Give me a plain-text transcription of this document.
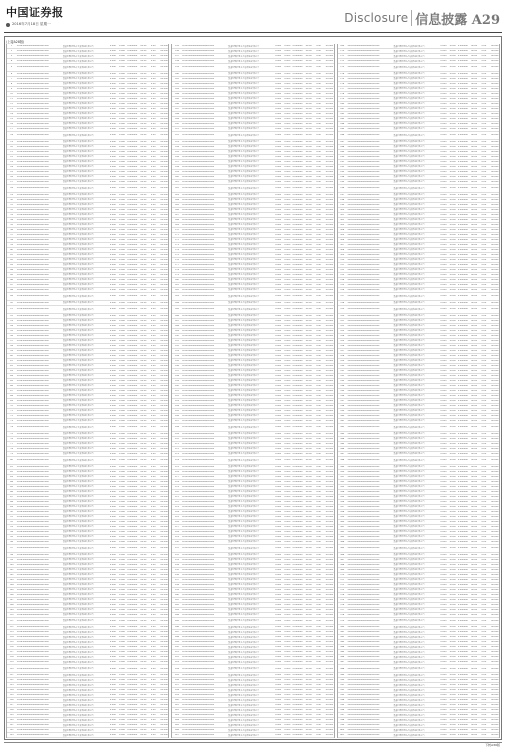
中国证券报
2016年7月18日 星期一	Disclosure 信息披露 A29
(上接A28版)
1	2016-0000000000000000-000	基金份额持有人大会表决结果公告	0.000	0.000	0.000000	00.00	0.00	00.000
2	2016-0000000000000000-000	基金份额持有人大会表决结果公告	0.000	0.000	0.000000	00.00	0.00	00.000
3	2016-0000000000000000-000	基金份额持有人大会表决结果公告	0.000	0.000	0.000000	00.00	0.00	00.000
4	2016-0000000000000000-000	基金份额持有人大会表决结果公告	0.000	0.000	0.000000	00.00	0.00	00.000
5	2016-0000000000000000-000	基金份额持有人大会表决结果公告	0.000	0.000	0.000000	00.00	0.00	00.000
6	2016-0000000000000000-000	基金份额持有人大会表决结果公告	0.000	0.000	0.000000	00.00	0.00	00.000
7	2016-0000000000000000-000	基金份额持有人大会表决结果公告	0.000	0.000	0.000000	00.00	0.00	00.000
8	2016-0000000000000000-000	基金份额持有人大会表决结果公告	0.000	0.000	0.000000	00.00	0.00	00.000
9	2016-0000000000000000-000	基金份额持有人大会表决结果公告	0.000	0.000	0.000000	00.00	0.00	00.000
10	2016-0000000000000000-000	基金份额持有人大会表决结果公告	0.000	0.000	0.000000	00.00	0.00	00.000
11	2016-0000000000000000-000	基金份额持有人大会表决结果公告	0.000	0.000	0.000000	00.00	0.00	00.000
12	2016-0000000000000000-000	基金份额持有人大会表决结果公告	0.000	0.000	0.000000	00.00	0.00	00.000
13	2016-0000000000000000-000	基金份额持有人大会表决结果公告	0.000	0.000	0.000000	00.00	0.00	00.000
14	2016-0000000000000000-000	基金份额持有人大会表决结果公告	0.000	0.000	0.000000	00.00	0.00	00.000
15	2016-0000000000000000-000	基金份额持有人大会表决结果公告	0.000	0.000	0.000000	00.00	0.00	00.000
16	2016-0000000000000000-000	基金份额持有人大会表决结果公告	0.000	0.000	0.000000	00.00	0.00	00.000
17	2016-0000000000000000-000	基金份额持有人大会表决结果公告	0.000	0.000	0.000000	00.00	0.00	00.000
18	2016-0000000000000000-000	基金份额持有人大会表决结果公告	0.000	0.000	0.000000	00.00	0.00	00.000
19	2016-0000000000000000-000	基金份额持有人大会表决结果公告	0.000	0.000	0.000000	00.00	0.00	00.000
20	2016-0000000000000000-000	基金份额持有人大会表决结果公告	0.000	0.000	0.000000	00.00	0.00	00.000
21	2016-0000000000000000-000	基金份额持有人大会表决结果公告	0.000	0.000	0.000000	00.00	0.00	00.000
22	2016-0000000000000000-000	基金份额持有人大会表决结果公告	0.000	0.000	0.000000	00.00	0.00	00.000
23	2016-0000000000000000-000	基金份额持有人大会表决结果公告	0.000	0.000	0.000000	00.00	0.00	00.000
24	2016-0000000000000000-000	基金份额持有人大会表决结果公告	0.000	0.000	0.000000	00.00	0.00	00.000
25	2016-0000000000000000-000	基金份额持有人大会表决结果公告	0.000	0.000	0.000000	00.00	0.00	00.000
26	2016-0000000000000000-000	基金份额持有人大会表决结果公告	0.000	0.000	0.000000	00.00	0.00	00.000
27	2016-0000000000000000-000	基金份额持有人大会表决结果公告	0.000	0.000	0.000000	00.00	0.00	00.000
28	2016-0000000000000000-000	基金份额持有人大会表决结果公告	0.000	0.000	0.000000	00.00	0.00	00.000
29	2016-0000000000000000-000	基金份额持有人大会表决结果公告	0.000	0.000	0.000000	00.00	0.00	00.000
30	2016-0000000000000000-000	基金份额持有人大会表决结果公告	0.000	0.000	0.000000	00.00	0.00	00.000
31	2016-0000000000000000-000	基金份额持有人大会表决结果公告	0.000	0.000	0.000000	00.00	0.00	00.000
32	2016-0000000000000000-000	基金份额持有人大会表决结果公告	0.000	0.000	0.000000	00.00	0.00	00.000
33	2016-0000000000000000-000	基金份额持有人大会表决结果公告	0.000	0.000	0.000000	00.00	0.00	00.000
34	2016-0000000000000000-000	基金份额持有人大会表决结果公告	0.000	0.000	0.000000	00.00	0.00	00.000
35	2016-0000000000000000-000	基金份额持有人大会表决结果公告	0.000	0.000	0.000000	00.00	0.00	00.000
36	2016-0000000000000000-000	基金份额持有人大会表决结果公告	0.000	0.000	0.000000	00.00	0.00	00.000
37	2016-0000000000000000-000	基金份额持有人大会表决结果公告	0.000	0.000	0.000000	00.00	0.00	00.000
38	2016-0000000000000000-000	基金份额持有人大会表决结果公告	0.000	0.000	0.000000	00.00	0.00	00.000
39	2016-0000000000000000-000	基金份额持有人大会表决结果公告	0.000	0.000	0.000000	00.00	0.00	00.000
40	2016-0000000000000000-000	基金份额持有人大会表决结果公告	0.000	0.000	0.000000	00.00	0.00	00.000
41	2016-0000000000000000-000	基金份额持有人大会表决结果公告	0.000	0.000	0.000000	00.00	0.00	00.000
42	2016-0000000000000000-000	基金份额持有人大会表决结果公告	0.000	0.000	0.000000	00.00	0.00	00.000
43	2016-0000000000000000-000	基金份额持有人大会表决结果公告	0.000	0.000	0.000000	00.00	0.00	00.000
44	2016-0000000000000000-000	基金份额持有人大会表决结果公告	0.000	0.000	0.000000	00.00	0.00	00.000
45	2016-0000000000000000-000	基金份额持有人大会表决结果公告	0.000	0.000	0.000000	00.00	0.00	00.000
46	2016-0000000000000000-000	基金份额持有人大会表决结果公告	0.000	0.000	0.000000	00.00	0.00	00.000
47	2016-0000000000000000-000	基金份额持有人大会表决结果公告	0.000	0.000	0.000000	00.00	0.00	00.000
48	2016-0000000000000000-000	基金份额持有人大会表决结果公告	0.000	0.000	0.000000	00.00	0.00	00.000
49	2016-0000000000000000-000	基金份额持有人大会表决结果公告	0.000	0.000	0.000000	00.00	0.00	00.000
50	2016-0000000000000000-000	基金份额持有人大会表决结果公告	0.000	0.000	0.000000	00.00	0.00	00.000
51	2016-0000000000000000-000	基金份额持有人大会表决结果公告	0.000	0.000	0.000000	00.00	0.00	00.000
52	2016-0000000000000000-000	基金份额持有人大会表决结果公告	0.000	0.000	0.000000	00.00	0.00	00.000
53	2016-0000000000000000-000	基金份额持有人大会表决结果公告	0.000	0.000	0.000000	00.00	0.00	00.000
54	2016-0000000000000000-000	基金份额持有人大会表决结果公告	0.000	0.000	0.000000	00.00	0.00	00.000
55	2016-0000000000000000-000	基金份额持有人大会表决结果公告	0.000	0.000	0.000000	00.00	0.00	00.000
56	2016-0000000000000000-000	基金份额持有人大会表决结果公告	0.000	0.000	0.000000	00.00	0.00	00.000
57	2016-0000000000000000-000	基金份额持有人大会表决结果公告	0.000	0.000	0.000000	00.00	0.00	00.000
58	2016-0000000000000000-000	基金份额持有人大会表决结果公告	0.000	0.000	0.000000	00.00	0.00	00.000
59	2016-0000000000000000-000	基金份额持有人大会表决结果公告	0.000	0.000	0.000000	00.00	0.00	00.000
60	2016-0000000000000000-000	基金份额持有人大会表决结果公告	0.000	0.000	0.000000	00.00	0.00	00.000
61	2016-0000000000000000-000	基金份额持有人大会表决结果公告	0.000	0.000	0.000000	00.00	0.00	00.000
62	2016-0000000000000000-000	基金份额持有人大会表决结果公告	0.000	0.000	0.000000	00.00	0.00	00.000
63	2016-0000000000000000-000	基金份额持有人大会表决结果公告	0.000	0.000	0.000000	00.00	0.00	00.000
64	2016-0000000000000000-000	基金份额持有人大会表决结果公告	0.000	0.000	0.000000	00.00	0.00	00.000
65	2016-0000000000000000-000	基金份额持有人大会表决结果公告	0.000	0.000	0.000000	00.00	0.00	00.000
66	2016-0000000000000000-000	基金份额持有人大会表决结果公告	0.000	0.000	0.000000	00.00	0.00	00.000
67	2016-0000000000000000-000	基金份额持有人大会表决结果公告	0.000	0.000	0.000000	00.00	0.00	00.000
68	2016-0000000000000000-000	基金份额持有人大会表决结果公告	0.000	0.000	0.000000	00.00	0.00	00.000
69	2016-0000000000000000-000	基金份额持有人大会表决结果公告	0.000	0.000	0.000000	00.00	0.00	00.000
70	2016-0000000000000000-000	基金份额持有人大会表决结果公告	0.000	0.000	0.000000	00.00	0.00	00.000
71	2016-0000000000000000-000	基金份额持有人大会表决结果公告	0.000	0.000	0.000000	00.00	0.00	00.000
72	2016-0000000000000000-000	基金份额持有人大会表决结果公告	0.000	0.000	0.000000	00.00	0.00	00.000
73	2016-0000000000000000-000	基金份额持有人大会表决结果公告	0.000	0.000	0.000000	00.00	0.00	00.000
74	2016-0000000000000000-000	基金份额持有人大会表决结果公告	0.000	0.000	0.000000	00.00	0.00	00.000
75	2016-0000000000000000-000	基金份额持有人大会表决结果公告	0.000	0.000	0.000000	00.00	0.00	00.000
76	2016-0000000000000000-000	基金份额持有人大会表决结果公告	0.000	0.000	0.000000	00.00	0.00	00.000
77	2016-0000000000000000-000	基金份额持有人大会表决结果公告	0.000	0.000	0.000000	00.00	0.00	00.000
78	2016-0000000000000000-000	基金份额持有人大会表决结果公告	0.000	0.000	0.000000	00.00	0.00	00.000
79	2016-0000000000000000-000	基金份额持有人大会表决结果公告	0.000	0.000	0.000000	00.00	0.00	00.000
80	2016-0000000000000000-000	基金份额持有人大会表决结果公告	0.000	0.000	0.000000	00.00	0.00	00.000
81	2016-0000000000000000-000	基金份额持有人大会表决结果公告	0.000	0.000	0.000000	00.00	0.00	00.000
82	2016-0000000000000000-000	基金份额持有人大会表决结果公告	0.000	0.000	0.000000	00.00	0.00	00.000
83	2016-0000000000000000-000	基金份额持有人大会表决结果公告	0.000	0.000	0.000000	00.00	0.00	00.000
84	2016-0000000000000000-000	基金份额持有人大会表决结果公告	0.000	0.000	0.000000	00.00	0.00	00.000
85	2016-0000000000000000-000	基金份额持有人大会表决结果公告	0.000	0.000	0.000000	00.00	0.00	00.000
86	2016-0000000000000000-000	基金份额持有人大会表决结果公告	0.000	0.000	0.000000	00.00	0.00	00.000
87	2016-0000000000000000-000	基金份额持有人大会表决结果公告	0.000	0.000	0.000000	00.00	0.00	00.000
88	2016-0000000000000000-000	基金份额持有人大会表决结果公告	0.000	0.000	0.000000	00.00	0.00	00.000
89	2016-0000000000000000-000	基金份额持有人大会表决结果公告	0.000	0.000	0.000000	00.00	0.00	00.000
90	2016-0000000000000000-000	基金份额持有人大会表决结果公告	0.000	0.000	0.000000	00.00	0.00	00.000
91	2016-0000000000000000-000	基金份额持有人大会表决结果公告	0.000	0.000	0.000000	00.00	0.00	00.000
92	2016-0000000000000000-000	基金份额持有人大会表决结果公告	0.000	0.000	0.000000	00.00	0.00	00.000
93	2016-0000000000000000-000	基金份额持有人大会表决结果公告	0.000	0.000	0.000000	00.00	0.00	00.000
94	2016-0000000000000000-000	基金份额持有人大会表决结果公告	0.000	0.000	0.000000	00.00	0.00	00.000
95	2016-0000000000000000-000	基金份额持有人大会表决结果公告	0.000	0.000	0.000000	00.00	0.00	00.000
96	2016-0000000000000000-000	基金份额持有人大会表决结果公告	0.000	0.000	0.000000	00.00	0.00	00.000
97	2016-0000000000000000-000	基金份额持有人大会表决结果公告	0.000	0.000	0.000000	00.00	0.00	00.000
98	2016-0000000000000000-000	基金份额持有人大会表决结果公告	0.000	0.000	0.000000	00.00	0.00	00.000
99	2016-0000000000000000-000	基金份额持有人大会表决结果公告	0.000	0.000	0.000000	00.00	0.00	00.000
100	2016-0000000000000000-000	基金份额持有人大会表决结果公告	0.000	0.000	0.000000	00.00	0.00	00.000
101	2016-0000000000000000-000	基金份额持有人大会表决结果公告	0.000	0.000	0.000000	00.00	0.00	00.000
102	2016-0000000000000000-000	基金份额持有人大会表决结果公告	0.000	0.000	0.000000	00.00	0.00	00.000
103	2016-0000000000000000-000	基金份额持有人大会表决结果公告	0.000	0.000	0.000000	00.00	0.00	00.000
104	2016-0000000000000000-000	基金份额持有人大会表决结果公告	0.000	0.000	0.000000	00.00	0.00	00.000
105	2016-0000000000000000-000	基金份额持有人大会表决结果公告	0.000	0.000	0.000000	00.00	0.00	00.000
106	2016-0000000000000000-000	基金份额持有人大会表决结果公告	0.000	0.000	0.000000	00.00	0.00	00.000
107	2016-0000000000000000-000	基金份额持有人大会表决结果公告	0.000	0.000	0.000000	00.00	0.00	00.000
108	2016-0000000000000000-000	基金份额持有人大会表决结果公告	0.000	0.000	0.000000	00.00	0.00	00.000
109	2016-0000000000000000-000	基金份额持有人大会表决结果公告	0.000	0.000	0.000000	00.00	0.00	00.000
110	2016-0000000000000000-000	基金份额持有人大会表决结果公告	0.000	0.000	0.000000	00.00	0.00	00.000
111	2016-0000000000000000-000	基金份额持有人大会表决结果公告	0.000	0.000	0.000000	00.00	0.00	00.000
112	2016-0000000000000000-000	基金份额持有人大会表决结果公告	0.000	0.000	0.000000	00.00	0.00	00.000
113	2016-0000000000000000-000	基金份额持有人大会表决结果公告	0.000	0.000	0.000000	00.00	0.00	00.000
114	2016-0000000000000000-000	基金份额持有人大会表决结果公告	0.000	0.000	0.000000	00.00	0.00	00.000
115	2016-0000000000000000-000	基金份额持有人大会表决结果公告	0.000	0.000	0.000000	00.00	0.00	00.000
116	2016-0000000000000000-000	基金份额持有人大会表决结果公告	0.000	0.000	0.000000	00.00	0.00	00.000
117	2016-0000000000000000-000	基金份额持有人大会表决结果公告	0.000	0.000	0.000000	00.00	0.00	00.000
118	2016-0000000000000000-000	基金份额持有人大会表决结果公告	0.000	0.000	0.000000	00.00	0.00	00.000
119	2016-0000000000000000-000	基金份额持有人大会表决结果公告	0.000	0.000	0.000000	00.00	0.00	00.000
120	2016-0000000000000000-000	基金份额持有人大会表决结果公告	0.000	0.000	0.000000	00.00	0.00	00.000
121	2016-0000000000000000-000	基金份额持有人大会表决结果公告	0.000	0.000	0.000000	00.00	0.00	00.000
122	2016-0000000000000000-000	基金份额持有人大会表决结果公告	0.000	0.000	0.000000	00.00	0.00	00.000
123	2016-0000000000000000-000	基金份额持有人大会表决结果公告	0.000	0.000	0.000000	00.00	0.00	00.000
124	2016-0000000000000000-000	基金份额持有人大会表决结果公告	0.000	0.000	0.000000	00.00	0.00	00.000
125	2016-0000000000000000-000	基金份额持有人大会表决结果公告	0.000	0.000	0.000000	00.00	0.00	00.000
126	2016-0000000000000000-000	基金份额持有人大会表决结果公告	0.000	0.000	0.000000	00.00	0.00	00.000
127	2016-0000000000000000-000	基金份额持有人大会表决结果公告	0.000	0.000	0.000000	00.00	0.00	00.000
128	2016-0000000000000000-000	基金份额持有人大会表决结果公告	0.000	0.000	0.000000	00.00	0.00	00.000
129	2016-0000000000000000-000	基金份额持有人大会表决结果公告	0.000	0.000	0.000000	00.00	0.00	00.000
130	2016-0000000000000000-000	基金份额持有人大会表决结果公告	0.000	0.000	0.000000	00.00	0.00	00.000
131	2016-0000000000000000-000	基金份额持有人大会表决结果公告	0.000	0.000	0.000000	00.00	0.00	00.000
132	2016-0000000000000000-000	基金份额持有人大会表决结果公告	0.000	0.000	0.000000	00.00	0.00	00.000
133	2016-0000000000000000-000	基金份额持有人大会表决结果公告	0.000	0.000	0.000000	00.00	0.00	00.000
135	2016-0000000000000000-000	基金份额持有人大会表决结果公告	0.000	0.000	0.000000	00.00	0.00	00.000
136	2016-0000000000000000-000	基金份额持有人大会表决结果公告	0.000	0.000	0.000000	00.00	0.00	00.000
137	2016-0000000000000000-000	基金份额持有人大会表决结果公告	0.000	0.000	0.000000	00.00	0.00	00.000
138	2016-0000000000000000-000	基金份额持有人大会表决结果公告	0.000	0.000	0.000000	00.00	0.00	00.000
139	2016-0000000000000000-000	基金份额持有人大会表决结果公告	0.000	0.000	0.000000	00.00	0.00	00.000
140	2016-0000000000000000-000	基金份额持有人大会表决结果公告	0.000	0.000	0.000000	00.00	0.00	00.000
141	2016-0000000000000000-000	基金份额持有人大会表决结果公告	0.000	0.000	0.000000	00.00	0.00	00.000
142	2016-0000000000000000-000	基金份额持有人大会表决结果公告	0.000	0.000	0.000000	00.00	0.00	00.000
143	2016-0000000000000000-000	基金份额持有人大会表决结果公告	0.000	0.000	0.000000	00.00	0.00	00.000
144	2016-0000000000000000-000	基金份额持有人大会表决结果公告	0.000	0.000	0.000000	00.00	0.00	00.000
145	2016-0000000000000000-000	基金份额持有人大会表决结果公告	0.000	0.000	0.000000	00.00	0.00	00.000
146	2016-0000000000000000-000	基金份额持有人大会表决结果公告	0.000	0.000	0.000000	00.00	0.00	00.000
147	2016-0000000000000000-000	基金份额持有人大会表决结果公告	0.000	0.000	0.000000	00.00	0.00	00.000
148	2016-0000000000000000-000	基金份额持有人大会表决结果公告	0.000	0.000	0.000000	00.00	0.00	00.000
149	2016-0000000000000000-000	基金份额持有人大会表决结果公告	0.000	0.000	0.000000	00.00	0.00	00.000
150	2016-0000000000000000-000	基金份额持有人大会表决结果公告	0.000	0.000	0.000000	00.00	0.00	00.000
151	2016-0000000000000000-000	基金份额持有人大会表决结果公告	0.000	0.000	0.000000	00.00	0.00	00.000
152	2016-0000000000000000-000	基金份额持有人大会表决结果公告	0.000	0.000	0.000000	00.00	0.00	00.000
153	2016-0000000000000000-000	基金份额持有人大会表决结果公告	0.000	0.000	0.000000	00.00	0.00	00.000
154	2016-0000000000000000-000	基金份额持有人大会表决结果公告	0.000	0.000	0.000000	00.00	0.00	00.000
155	2016-0000000000000000-000	基金份额持有人大会表决结果公告	0.000	0.000	0.000000	00.00	0.00	00.000
156	2016-0000000000000000-000	基金份额持有人大会表决结果公告	0.000	0.000	0.000000	00.00	0.00	00.000
157	2016-0000000000000000-000	基金份额持有人大会表决结果公告	0.000	0.000	0.000000	00.00	0.00	00.000
158	2016-0000000000000000-000	基金份额持有人大会表决结果公告	0.000	0.000	0.000000	00.00	0.00	00.000
159	2016-0000000000000000-000	基金份额持有人大会表决结果公告	0.000	0.000	0.000000	00.00	0.00	00.000
160	2016-0000000000000000-000	基金份额持有人大会表决结果公告	0.000	0.000	0.000000	00.00	0.00	00.000
161	2016-0000000000000000-000	基金份额持有人大会表决结果公告	0.000	0.000	0.000000	00.00	0.00	00.000
162	2016-0000000000000000-000	基金份额持有人大会表决结果公告	0.000	0.000	0.000000	00.00	0.00	00.000
163	2016-0000000000000000-000	基金份额持有人大会表决结果公告	0.000	0.000	0.000000	00.00	0.00	00.000
164	2016-0000000000000000-000	基金份额持有人大会表决结果公告	0.000	0.000	0.000000	00.00	0.00	00.000
165	2016-0000000000000000-000	基金份额持有人大会表决结果公告	0.000	0.000	0.000000	00.00	0.00	00.000
166	2016-0000000000000000-000	基金份额持有人大会表决结果公告	0.000	0.000	0.000000	00.00	0.00	00.000
167	2016-0000000000000000-000	基金份额持有人大会表决结果公告	0.000	0.000	0.000000	00.00	0.00	00.000
168	2016-0000000000000000-000	基金份额持有人大会表决结果公告	0.000	0.000	0.000000	00.00	0.00	00.000
169	2016-0000000000000000-000	基金份额持有人大会表决结果公告	0.000	0.000	0.000000	00.00	0.00	00.000
170	2016-0000000000000000-000	基金份额持有人大会表决结果公告	0.000	0.000	0.000000	00.00	0.00	00.000
171	2016-0000000000000000-000	基金份额持有人大会表决结果公告	0.000	0.000	0.000000	00.00	0.00	00.000
172	2016-0000000000000000-000	基金份额持有人大会表决结果公告	0.000	0.000	0.000000	00.00	0.00	00.000
173	2016-0000000000000000-000	基金份额持有人大会表决结果公告	0.000	0.000	0.000000	00.00	0.00	00.000
174	2016-0000000000000000-000	基金份额持有人大会表决结果公告	0.000	0.000	0.000000	00.00	0.00	00.000
175	2016-0000000000000000-000	基金份额持有人大会表决结果公告	0.000	0.000	0.000000	00.00	0.00	00.000
176	2016-0000000000000000-000	基金份额持有人大会表决结果公告	0.000	0.000	0.000000	00.00	0.00	00.000
177	2016-0000000000000000-000	基金份额持有人大会表决结果公告	0.000	0.000	0.000000	00.00	0.00	00.000
178	2016-0000000000000000-000	基金份额持有人大会表决结果公告	0.000	0.000	0.000000	00.00	0.00	00.000
179	2016-0000000000000000-000	基金份额持有人大会表决结果公告	0.000	0.000	0.000000	00.00	0.00	00.000
180	2016-0000000000000000-000	基金份额持有人大会表决结果公告	0.000	0.000	0.000000	00.00	0.00	00.000
181	2016-0000000000000000-000	基金份额持有人大会表决结果公告	0.000	0.000	0.000000	00.00	0.00	00.000
182	2016-0000000000000000-000	基金份额持有人大会表决结果公告	0.000	0.000	0.000000	00.00	0.00	00.000
183	2016-0000000000000000-000	基金份额持有人大会表决结果公告	0.000	0.000	0.000000	00.00	0.00	00.000
184	2016-0000000000000000-000	基金份额持有人大会表决结果公告	0.000	0.000	0.000000	00.00	0.00	00.000
185	2016-0000000000000000-000	基金份额持有人大会表决结果公告	0.000	0.000	0.000000	00.00	0.00	00.000
186	2016-0000000000000000-000	基金份额持有人大会表决结果公告	0.000	0.000	0.000000	00.00	0.00	00.000
187	2016-0000000000000000-000	基金份额持有人大会表决结果公告	0.000	0.000	0.000000	00.00	0.00	00.000
188	2016-0000000000000000-000	基金份额持有人大会表决结果公告	0.000	0.000	0.000000	00.00	0.00	00.000
189	2016-0000000000000000-000	基金份额持有人大会表决结果公告	0.000	0.000	0.000000	00.00	0.00	00.000
190	2016-0000000000000000-000	基金份额持有人大会表决结果公告	0.000	0.000	0.000000	00.00	0.00	00.000
191	2016-0000000000000000-000	基金份额持有人大会表决结果公告	0.000	0.000	0.000000	00.00	0.00	00.000
192	2016-0000000000000000-000	基金份额持有人大会表决结果公告	0.000	0.000	0.000000	00.00	0.00	00.000
193	2016-0000000000000000-000	基金份额持有人大会表决结果公告	0.000	0.000	0.000000	00.00	0.00	00.000
194	2016-0000000000000000-000	基金份额持有人大会表决结果公告	0.000	0.000	0.000000	00.00	0.00	00.000
195	2016-0000000000000000-000	基金份额持有人大会表决结果公告	0.000	0.000	0.000000	00.00	0.00	00.000
196	2016-0000000000000000-000	基金份额持有人大会表决结果公告	0.000	0.000	0.000000	00.00	0.00	00.000
197	2016-0000000000000000-000	基金份额持有人大会表决结果公告	0.000	0.000	0.000000	00.00	0.00	00.000
198	2016-0000000000000000-000	基金份额持有人大会表决结果公告	0.000	0.000	0.000000	00.00	0.00	00.000
199	2016-0000000000000000-000	基金份额持有人大会表决结果公告	0.000	0.000	0.000000	00.00	0.00	00.000
200	2016-0000000000000000-000	基金份额持有人大会表决结果公告	0.000	0.000	0.000000	00.00	0.00	00.000
201	2016-0000000000000000-000	基金份额持有人大会表决结果公告	0.000	0.000	0.000000	00.00	0.00	00.000
202	2016-0000000000000000-000	基金份额持有人大会表决结果公告	0.000	0.000	0.000000	00.00	0.00	00.000
203	2016-0000000000000000-000	基金份额持有人大会表决结果公告	0.000	0.000	0.000000	00.00	0.00	00.000
204	2016-0000000000000000-000	基金份额持有人大会表决结果公告	0.000	0.000	0.000000	00.00	0.00	00.000
205	2016-0000000000000000-000	基金份额持有人大会表决结果公告	0.000	0.000	0.000000	00.00	0.00	00.000
206	2016-0000000000000000-000	基金份额持有人大会表决结果公告	0.000	0.000	0.000000	00.00	0.00	00.000
207	2016-0000000000000000-000	基金份额持有人大会表决结果公告	0.000	0.000	0.000000	00.00	0.00	00.000
208	2016-0000000000000000-000	基金份额持有人大会表决结果公告	0.000	0.000	0.000000	00.00	0.00	00.000
209	2016-0000000000000000-000	基金份额持有人大会表决结果公告	0.000	0.000	0.000000	00.00	0.00	00.000
210	2016-0000000000000000-000	基金份额持有人大会表决结果公告	0.000	0.000	0.000000	00.00	0.00	00.000
211	2016-0000000000000000-000	基金份额持有人大会表决结果公告	0.000	0.000	0.000000	00.00	0.00	00.000
212	2016-0000000000000000-000	基金份额持有人大会表决结果公告	0.000	0.000	0.000000	00.00	0.00	00.000
213	2016-0000000000000000-000	基金份额持有人大会表决结果公告	0.000	0.000	0.000000	00.00	0.00	00.000
214	2016-0000000000000000-000	基金份额持有人大会表决结果公告	0.000	0.000	0.000000	00.00	0.00	00.000
215	2016-0000000000000000-000	基金份额持有人大会表决结果公告	0.000	0.000	0.000000	00.00	0.00	00.000
216	2016-0000000000000000-000	基金份额持有人大会表决结果公告	0.000	0.000	0.000000	00.00	0.00	00.000
217	2016-0000000000000000-000	基金份额持有人大会表决结果公告	0.000	0.000	0.000000	00.00	0.00	00.000
218	2016-0000000000000000-000	基金份额持有人大会表决结果公告	0.000	0.000	0.000000	00.00	0.00	00.000
219	2016-0000000000000000-000	基金份额持有人大会表决结果公告	0.000	0.000	0.000000	00.00	0.00	00.000
220	2016-0000000000000000-000	基金份额持有人大会表决结果公告	0.000	0.000	0.000000	00.00	0.00	00.000
221	2016-0000000000000000-000	基金份额持有人大会表决结果公告	0.000	0.000	0.000000	00.00	0.00	00.000
222	2016-0000000000000000-000	基金份额持有人大会表决结果公告	0.000	0.000	0.000000	00.00	0.00	00.000
223	2016-0000000000000000-000	基金份额持有人大会表决结果公告	0.000	0.000	0.000000	00.00	0.00	00.000
224	2016-0000000000000000-000	基金份额持有人大会表决结果公告	0.000	0.000	0.000000	00.00	0.00	00.000
225	2016-0000000000000000-000	基金份额持有人大会表决结果公告	0.000	0.000	0.000000	00.00	0.00	00.000
226	2016-0000000000000000-000	基金份额持有人大会表决结果公告	0.000	0.000	0.000000	00.00	0.00	00.000
227	2016-0000000000000000-000	基金份额持有人大会表决结果公告	0.000	0.000	0.000000	00.00	0.00	00.000
228	2016-0000000000000000-000	基金份额持有人大会表决结果公告	0.000	0.000	0.000000	00.00	0.00	00.000
229	2016-0000000000000000-000	基金份额持有人大会表决结果公告	0.000	0.000	0.000000	00.00	0.00	00.000
230	2016-0000000000000000-000	基金份额持有人大会表决结果公告	0.000	0.000	0.000000	00.00	0.00	00.000
231	2016-0000000000000000-000	基金份额持有人大会表决结果公告	0.000	0.000	0.000000	00.00	0.00	00.000
232	2016-0000000000000000-000	基金份额持有人大会表决结果公告	0.000	0.000	0.000000	00.00	0.00	00.000
233	2016-0000000000000000-000	基金份额持有人大会表决结果公告	0.000	0.000	0.000000	00.00	0.00	00.000
234	2016-0000000000000000-000	基金份额持有人大会表决结果公告	0.000	0.000	0.000000	00.00	0.00	00.000
235	2016-0000000000000000-000	基金份额持有人大会表决结果公告	0.000	0.000	0.000000	00.00	0.00	00.000
236	2016-0000000000000000-000	基金份额持有人大会表决结果公告	0.000	0.000	0.000000	00.00	0.00	00.000
237	2016-0000000000000000-000	基金份额持有人大会表决结果公告	0.000	0.000	0.000000	00.00	0.00	00.000
238	2016-0000000000000000-000	基金份额持有人大会表决结果公告	0.000	0.000	0.000000	00.00	0.00	00.000
239	2016-0000000000000000-000	基金份额持有人大会表决结果公告	0.000	0.000	0.000000	00.00	0.00	00.000
240	2016-0000000000000000-000	基金份额持有人大会表决结果公告	0.000	0.000	0.000000	00.00	0.00	00.000
241	2016-0000000000000000-000	基金份额持有人大会表决结果公告	0.000	0.000	0.000000	00.00	0.00	00.000
242	2016-0000000000000000-000	基金份额持有人大会表决结果公告	0.000	0.000	0.000000	00.00	0.00	00.000
243	2016-0000000000000000-000	基金份额持有人大会表决结果公告	0.000	0.000	0.000000	00.00	0.00	00.000
244	2016-0000000000000000-000	基金份额持有人大会表决结果公告	0.000	0.000	0.000000	00.00	0.00	00.000
245	2016-0000000000000000-000	基金份额持有人大会表决结果公告	0.000	0.000	0.000000	00.00	0.00	00.000
246	2016-0000000000000000-000	基金份额持有人大会表决结果公告	0.000	0.000	0.000000	00.00	0.00	00.000
247	2016-0000000000000000-000	基金份额持有人大会表决结果公告	0.000	0.000	0.000000	00.00	0.00	00.000
248	2016-0000000000000000-000	基金份额持有人大会表决结果公告	0.000	0.000	0.000000	00.00	0.00	00.000
249	2016-0000000000000000-000	基金份额持有人大会表决结果公告	0.000	0.000	0.000000	00.00	0.00	00.000
250	2016-0000000000000000-000	基金份额持有人大会表决结果公告	0.000	0.000	0.000000	00.00	0.00	00.000
251	2016-0000000000000000-000	基金份额持有人大会表决结果公告	0.000	0.000	0.000000	00.00	0.00	00.000
252	2016-0000000000000000-000	基金份额持有人大会表决结果公告	0.000	0.000	0.000000	00.00	0.00	00.000
253	2016-0000000000000000-000	基金份额持有人大会表决结果公告	0.000	0.000	0.000000	00.00	0.00	00.000
254	2016-0000000000000000-000	基金份额持有人大会表决结果公告	0.000	0.000	0.000000	00.00	0.00	00.000
255	2016-0000000000000000-000	基金份额持有人大会表决结果公告	0.000	0.000	0.000000	00.00	0.00	00.000
256	2016-0000000000000000-000	基金份额持有人大会表决结果公告	0.000	0.000	0.000000	00.00	0.00	00.000
257	2016-0000000000000000-000	基金份额持有人大会表决结果公告	0.000	0.000	0.000000	00.00	0.00	00.000
258	2016-0000000000000000-000	基金份额持有人大会表决结果公告	0.000	0.000	0.000000	00.00	0.00	00.000
259	2016-0000000000000000-000	基金份额持有人大会表决结果公告	0.000	0.000	0.000000	00.00	0.00	00.000
260	2016-0000000000000000-000	基金份额持有人大会表决结果公告	0.000	0.000	0.000000	00.00	0.00	00.000
261	2016-0000000000000000-000	基金份额持有人大会表决结果公告	0.000	0.000	0.000000	00.00	0.00	00.000
262	2016-0000000000000000-000	基金份额持有人大会表决结果公告	0.000	0.000	0.000000	00.00	0.00	00.000
263	2016-0000000000000000-000	基金份额持有人大会表决结果公告	0.000	0.000	0.000000	00.00	0.00	00.000
264	2016-0000000000000000-000	基金份额持有人大会表决结果公告	0.000	0.000	0.000000	00.00	0.00	00.000
265	2016-0000000000000000-000	基金份额持有人大会表决结果公告	0.000	0.000	0.000000	00.00	0.00	00.000
266	2016-0000000000000000-000	基金份额持有人大会表决结果公告	0.000	0.000	0.000000	00.00	0.00	00.000
267	2016-0000000000000000-000	基金份额持有人大会表决结果公告	0.000	0.000	0.000000	00.00	0.00	00.000
269	2016-0000000000000000-000	基金份额持有人大会表决结果公告	0.000	0.000	0.000000	00.00	0.00	00.000
270	2016-0000000000000000-000	基金份额持有人大会表决结果公告	0.000	0.000	0.000000	00.00	0.00	00.000
271	2016-0000000000000000-000	基金份额持有人大会表决结果公告	0.000	0.000	0.000000	00.00	0.00	00.000
272	2016-0000000000000000-000	基金份额持有人大会表决结果公告	0.000	0.000	0.000000	00.00	0.00	00.000
273	2016-0000000000000000-000	基金份额持有人大会表决结果公告	0.000	0.000	0.000000	00.00	0.00	00.000
274	2016-0000000000000000-000	基金份额持有人大会表决结果公告	0.000	0.000	0.000000	00.00	0.00	00.000
275	2016-0000000000000000-000	基金份额持有人大会表决结果公告	0.000	0.000	0.000000	00.00	0.00	00.000
276	2016-0000000000000000-000	基金份额持有人大会表决结果公告	0.000	0.000	0.000000	00.00	0.00	00.000
277	2016-0000000000000000-000	基金份额持有人大会表决结果公告	0.000	0.000	0.000000	00.00	0.00	00.000
278	2016-0000000000000000-000	基金份额持有人大会表决结果公告	0.000	0.000	0.000000	00.00	0.00	00.000
279	2016-0000000000000000-000	基金份额持有人大会表决结果公告	0.000	0.000	0.000000	00.00	0.00	00.000
280	2016-0000000000000000-000	基金份额持有人大会表决结果公告	0.000	0.000	0.000000	00.00	0.00	00.000
281	2016-0000000000000000-000	基金份额持有人大会表决结果公告	0.000	0.000	0.000000	00.00	0.00	00.000
282	2016-0000000000000000-000	基金份额持有人大会表决结果公告	0.000	0.000	0.000000	00.00	0.00	00.000
283	2016-0000000000000000-000	基金份额持有人大会表决结果公告	0.000	0.000	0.000000	00.00	0.00	00.000
284	2016-0000000000000000-000	基金份额持有人大会表决结果公告	0.000	0.000	0.000000	00.00	0.00	00.000
285	2016-0000000000000000-000	基金份额持有人大会表决结果公告	0.000	0.000	0.000000	00.00	0.00	00.000
286	2016-0000000000000000-000	基金份额持有人大会表决结果公告	0.000	0.000	0.000000	00.00	0.00	00.000
287	2016-0000000000000000-000	基金份额持有人大会表决结果公告	0.000	0.000	0.000000	00.00	0.00	00.000
288	2016-0000000000000000-000	基金份额持有人大会表决结果公告	0.000	0.000	0.000000	00.00	0.00	00.000
289	2016-0000000000000000-000	基金份额持有人大会表决结果公告	0.000	0.000	0.000000	00.00	0.00	00.000
290	2016-0000000000000000-000	基金份额持有人大会表决结果公告	0.000	0.000	0.000000	00.00	0.00	00.000
291	2016-0000000000000000-000	基金份额持有人大会表决结果公告	0.000	0.000	0.000000	00.00	0.00	00.000
292	2016-0000000000000000-000	基金份额持有人大会表决结果公告	0.000	0.000	0.000000	00.00	0.00	00.000
293	2016-0000000000000000-000	基金份额持有人大会表决结果公告	0.000	0.000	0.000000	00.00	0.00	00.000
294	2016-0000000000000000-000	基金份额持有人大会表决结果公告	0.000	0.000	0.000000	00.00	0.00	00.000
295	2016-0000000000000000-000	基金份额持有人大会表决结果公告	0.000	0.000	0.000000	00.00	0.00	00.000
296	2016-0000000000000000-000	基金份额持有人大会表决结果公告	0.000	0.000	0.000000	00.00	0.00	00.000
297	2016-0000000000000000-000	基金份额持有人大会表决结果公告	0.000	0.000	0.000000	00.00	0.00	00.000
298	2016-0000000000000000-000	基金份额持有人大会表决结果公告	0.000	0.000	0.000000	00.00	0.00	00.000
299	2016-0000000000000000-000	基金份额持有人大会表决结果公告	0.000	0.000	0.000000	00.00	0.00	00.000
300	2016-0000000000000000-000	基金份额持有人大会表决结果公告	0.000	0.000	0.000000	00.00	0.00	00.000
301	2016-0000000000000000-000	基金份额持有人大会表决结果公告	0.000	0.000	0.000000	00.00	0.00	00.000
302	2016-0000000000000000-000	基金份额持有人大会表决结果公告	0.000	0.000	0.000000	00.00	0.00	00.000
303	2016-0000000000000000-000	基金份额持有人大会表决结果公告	0.000	0.000	0.000000	00.00	0.00	00.000
304	2016-0000000000000000-000	基金份额持有人大会表决结果公告	0.000	0.000	0.000000	00.00	0.00	00.000
305	2016-0000000000000000-000	基金份额持有人大会表决结果公告	0.000	0.000	0.000000	00.00	0.00	00.000
306	2016-0000000000000000-000	基金份额持有人大会表决结果公告	0.000	0.000	0.000000	00.00	0.00	00.000
307	2016-0000000000000000-000	基金份额持有人大会表决结果公告	0.000	0.000	0.000000	00.00	0.00	00.000
308	2016-0000000000000000-000	基金份额持有人大会表决结果公告	0.000	0.000	0.000000	00.00	0.00	00.000
309	2016-0000000000000000-000	基金份额持有人大会表决结果公告	0.000	0.000	0.000000	00.00	0.00	00.000
310	2016-0000000000000000-000	基金份额持有人大会表决结果公告	0.000	0.000	0.000000	00.00	0.00	00.000
311	2016-0000000000000000-000	基金份额持有人大会表决结果公告	0.000	0.000	0.000000	00.00	0.00	00.000
312	2016-0000000000000000-000	基金份额持有人大会表决结果公告	0.000	0.000	0.000000	00.00	0.00	00.000
313	2016-0000000000000000-000	基金份额持有人大会表决结果公告	0.000	0.000	0.000000	00.00	0.00	00.000
314	2016-0000000000000000-000	基金份额持有人大会表决结果公告	0.000	0.000	0.000000	00.00	0.00	00.000
315	2016-0000000000000000-000	基金份额持有人大会表决结果公告	0.000	0.000	0.000000	00.00	0.00	00.000
316	2016-0000000000000000-000	基金份额持有人大会表决结果公告	0.000	0.000	0.000000	00.00	0.00	00.000
317	2016-0000000000000000-000	基金份额持有人大会表决结果公告	0.000	0.000	0.000000	00.00	0.00	00.000
318	2016-0000000000000000-000	基金份额持有人大会表决结果公告	0.000	0.000	0.000000	00.00	0.00	00.000
319	2016-0000000000000000-000	基金份额持有人大会表决结果公告	0.000	0.000	0.000000	00.00	0.00	00.000
320	2016-0000000000000000-000	基金份额持有人大会表决结果公告	0.000	0.000	0.000000	00.00	0.00	00.000
321	2016-0000000000000000-000	基金份额持有人大会表决结果公告	0.000	0.000	0.000000	00.00	0.00	00.000
322	2016-0000000000000000-000	基金份额持有人大会表决结果公告	0.000	0.000	0.000000	00.00	0.00	00.000
323	2016-0000000000000000-000	基金份额持有人大会表决结果公告	0.000	0.000	0.000000	00.00	0.00	00.000
324	2016-0000000000000000-000	基金份额持有人大会表决结果公告	0.000	0.000	0.000000	00.00	0.00	00.000
325	2016-0000000000000000-000	基金份额持有人大会表决结果公告	0.000	0.000	0.000000	00.00	0.00	00.000
326	2016-0000000000000000-000	基金份额持有人大会表决结果公告	0.000	0.000	0.000000	00.00	0.00	00.000
327	2016-0000000000000000-000	基金份额持有人大会表决结果公告	0.000	0.000	0.000000	00.00	0.00	00.000
328	2016-0000000000000000-000	基金份额持有人大会表决结果公告	0.000	0.000	0.000000	00.00	0.00	00.000
329	2016-0000000000000000-000	基金份额持有人大会表决结果公告	0.000	0.000	0.000000	00.00	0.00	00.000
330	2016-0000000000000000-000	基金份额持有人大会表决结果公告	0.000	0.000	0.000000	00.00	0.00	00.000
331	2016-0000000000000000-000	基金份额持有人大会表决结果公告	0.000	0.000	0.000000	00.00	0.00	00.000
332	2016-0000000000000000-000	基金份额持有人大会表决结果公告	0.000	0.000	0.000000	00.00	0.00	00.000
333	2016-0000000000000000-000	基金份额持有人大会表决结果公告	0.000	0.000	0.000000	00.00	0.00	00.000
334	2016-0000000000000000-000	基金份额持有人大会表决结果公告	0.000	0.000	0.000000	00.00	0.00	00.000
335	2016-0000000000000000-000	基金份额持有人大会表决结果公告	0.000	0.000	0.000000	00.00	0.00	00.000
336	2016-0000000000000000-000	基金份额持有人大会表决结果公告	0.000	0.000	0.000000	00.00	0.00	00.000
337	2016-0000000000000000-000	基金份额持有人大会表决结果公告	0.000	0.000	0.000000	00.00	0.00	00.000
338	2016-0000000000000000-000	基金份额持有人大会表决结果公告	0.000	0.000	0.000000	00.00	0.00	00.000
339	2016-0000000000000000-000	基金份额持有人大会表决结果公告	0.000	0.000	0.000000	00.00	0.00	00.000
340	2016-0000000000000000-000	基金份额持有人大会表决结果公告	0.000	0.000	0.000000	00.00	0.00	00.000
341	2016-0000000000000000-000	基金份额持有人大会表决结果公告	0.000	0.000	0.000000	00.00	0.00	00.000
342	2016-0000000000000000-000	基金份额持有人大会表决结果公告	0.000	0.000	0.000000	00.00	0.00	00.000
343	2016-0000000000000000-000	基金份额持有人大会表决结果公告	0.000	0.000	0.000000	00.00	0.00	00.000
344	2016-0000000000000000-000	基金份额持有人大会表决结果公告	0.000	0.000	0.000000	00.00	0.00	00.000
345	2016-0000000000000000-000	基金份额持有人大会表决结果公告	0.000	0.000	0.000000	00.00	0.00	00.000
346	2016-0000000000000000-000	基金份额持有人大会表决结果公告	0.000	0.000	0.000000	00.00	0.00	00.000
347	2016-0000000000000000-000	基金份额持有人大会表决结果公告	0.000	0.000	0.000000	00.00	0.00	00.000
348	2016-0000000000000000-000	基金份额持有人大会表决结果公告	0.000	0.000	0.000000	00.00	0.00	00.000
349	2016-0000000000000000-000	基金份额持有人大会表决结果公告	0.000	0.000	0.000000	00.00	0.00	00.000
350	2016-0000000000000000-000	基金份额持有人大会表决结果公告	0.000	0.000	0.000000	00.00	0.00	00.000
351	2016-0000000000000000-000	基金份额持有人大会表决结果公告	0.000	0.000	0.000000	00.00	0.00	00.000
352	2016-0000000000000000-000	基金份额持有人大会表决结果公告	0.000	0.000	0.000000	00.00	0.00	00.000
353	2016-0000000000000000-000	基金份额持有人大会表决结果公告	0.000	0.000	0.000000	00.00	0.00	00.000
354	2016-0000000000000000-000	基金份额持有人大会表决结果公告	0.000	0.000	0.000000	00.00	0.00	00.000
355	2016-0000000000000000-000	基金份额持有人大会表决结果公告	0.000	0.000	0.000000	00.00	0.00	00.000
356	2016-0000000000000000-000	基金份额持有人大会表决结果公告	0.000	0.000	0.000000	00.00	0.00	00.000
357	2016-0000000000000000-000	基金份额持有人大会表决结果公告	0.000	0.000	0.000000	00.00	0.00	00.000
358	2016-0000000000000000-000	基金份额持有人大会表决结果公告	0.000	0.000	0.000000	00.00	0.00	00.000
359	2016-0000000000000000-000	基金份额持有人大会表决结果公告	0.000	0.000	0.000000	00.00	0.00	00.000
360	2016-0000000000000000-000	基金份额持有人大会表决结果公告	0.000	0.000	0.000000	00.00	0.00	00.000
361	2016-0000000000000000-000	基金份额持有人大会表决结果公告	0.000	0.000	0.000000	00.00	0.00	00.000
362	2016-0000000000000000-000	基金份额持有人大会表决结果公告	0.000	0.000	0.000000	00.00	0.00	00.000
363	2016-0000000000000000-000	基金份额持有人大会表决结果公告	0.000	0.000	0.000000	00.00	0.00	00.000
364	2016-0000000000000000-000	基金份额持有人大会表决结果公告	0.000	0.000	0.000000	00.00	0.00	00.000
365	2016-0000000000000000-000	基金份额持有人大会表决结果公告	0.000	0.000	0.000000	00.00	0.00	00.000
366	2016-0000000000000000-000	基金份额持有人大会表决结果公告	0.000	0.000	0.000000	00.00	0.00	00.000
367	2016-0000000000000000-000	基金份额持有人大会表决结果公告	0.000	0.000	0.000000	00.00	0.00	00.000
368	2016-0000000000000000-000	基金份额持有人大会表决结果公告	0.000	0.000	0.000000	00.00	0.00	00.000
369	2016-0000000000000000-000	基金份额持有人大会表决结果公告	0.000	0.000	0.000000	00.00	0.00	00.000
370	2016-0000000000000000-000	基金份额持有人大会表决结果公告	0.000	0.000	0.000000	00.00	0.00	00.000
371	2016-0000000000000000-000	基金份额持有人大会表决结果公告	0.000	0.000	0.000000	00.00	0.00	00.000
372	2016-0000000000000000-000	基金份额持有人大会表决结果公告	0.000	0.000	0.000000	00.00	0.00	00.000
373	2016-0000000000000000-000	基金份额持有人大会表决结果公告	0.000	0.000	0.000000	00.00	0.00	00.000
374	2016-0000000000000000-000	基金份额持有人大会表决结果公告	0.000	0.000	0.000000	00.00	0.00	00.000
375	2016-0000000000000000-000	基金份额持有人大会表决结果公告	0.000	0.000	0.000000	00.00	0.00	00.000
376	2016-0000000000000000-000	基金份额持有人大会表决结果公告	0.000	0.000	0.000000	00.00	0.00	00.000
377	2016-0000000000000000-000	基金份额持有人大会表决结果公告	0.000	0.000	0.000000	00.00	0.00	00.000
378	2016-0000000000000000-000	基金份额持有人大会表决结果公告	0.000	0.000	0.000000	00.00	0.00	00.000
379	2016-0000000000000000-000	基金份额持有人大会表决结果公告	0.000	0.000	0.000000	00.00	0.00	00.000
380	2016-0000000000000000-000	基金份额持有人大会表决结果公告	0.000	0.000	0.000000	00.00	0.00	00.000
381	2016-0000000000000000-000	基金份额持有人大会表决结果公告	0.000	0.000	0.000000	00.00	0.00	00.000
382	2016-0000000000000000-000	基金份额持有人大会表决结果公告	0.000	0.000	0.000000	00.00	0.00	00.000
383	2016-0000000000000000-000	基金份额持有人大会表决结果公告	0.000	0.000	0.000000	00.00	0.00	00.000
384	2016-0000000000000000-000	基金份额持有人大会表决结果公告	0.000	0.000	0.000000	00.00	0.00	00.000
385	2016-0000000000000000-000	基金份额持有人大会表决结果公告	0.000	0.000	0.000000	00.00	0.00	00.000
386	2016-0000000000000000-000	基金份额持有人大会表决结果公告	0.000	0.000	0.000000	00.00	0.00	00.000
387	2016-0000000000000000-000	基金份额持有人大会表决结果公告	0.000	0.000	0.000000	00.00	0.00	00.000
388	2016-0000000000000000-000	基金份额持有人大会表决结果公告	0.000	0.000	0.000000	00.00	0.00	00.000
389	2016-0000000000000000-000	基金份额持有人大会表决结果公告	0.000	0.000	0.000000	00.00	0.00	00.000
390	2016-0000000000000000-000	基金份额持有人大会表决结果公告	0.000	0.000	0.000000	00.00	0.00	00.000
391	2016-0000000000000000-000	基金份额持有人大会表决结果公告	0.000	0.000	0.000000	00.00	0.00	00.000
392	2016-0000000000000000-000	基金份额持有人大会表决结果公告	0.000	0.000	0.000000	00.00	0.00	00.000
393	2016-0000000000000000-000	基金份额持有人大会表决结果公告	0.000	0.000	0.000000	00.00	0.00	00.000
394	2016-0000000000000000-000	基金份额持有人大会表决结果公告	0.000	0.000	0.000000	00.00	0.00	00.000
395	2016-0000000000000000-000	基金份额持有人大会表决结果公告	0.000	0.000	0.000000	00.00	0.00	00.000
396	2016-0000000000000000-000	基金份额持有人大会表决结果公告	0.000	0.000	0.000000	00.00	0.00	00.000
397	2016-0000000000000000-000	基金份额持有人大会表决结果公告	0.000	0.000	0.000000	00.00	0.00	00.000
398	2016-0000000000000000-000	基金份额持有人大会表决结果公告	0.000	0.000	0.000000	00.00	0.00	00.000
399	2016-0000000000000000-000	基金份额持有人大会表决结果公告	0.000	0.000	0.000000	00.00	0.00	00.000
400	2016-0000000000000000-000	基金份额持有人大会表决结果公告	0.000	0.000	0.000000	00.00	0.00	00.000
401	2016-0000000000000000-000	基金份额持有人大会表决结果公告	0.000	0.000	0.000000	00.00	0.00	00.000
下转A30版
